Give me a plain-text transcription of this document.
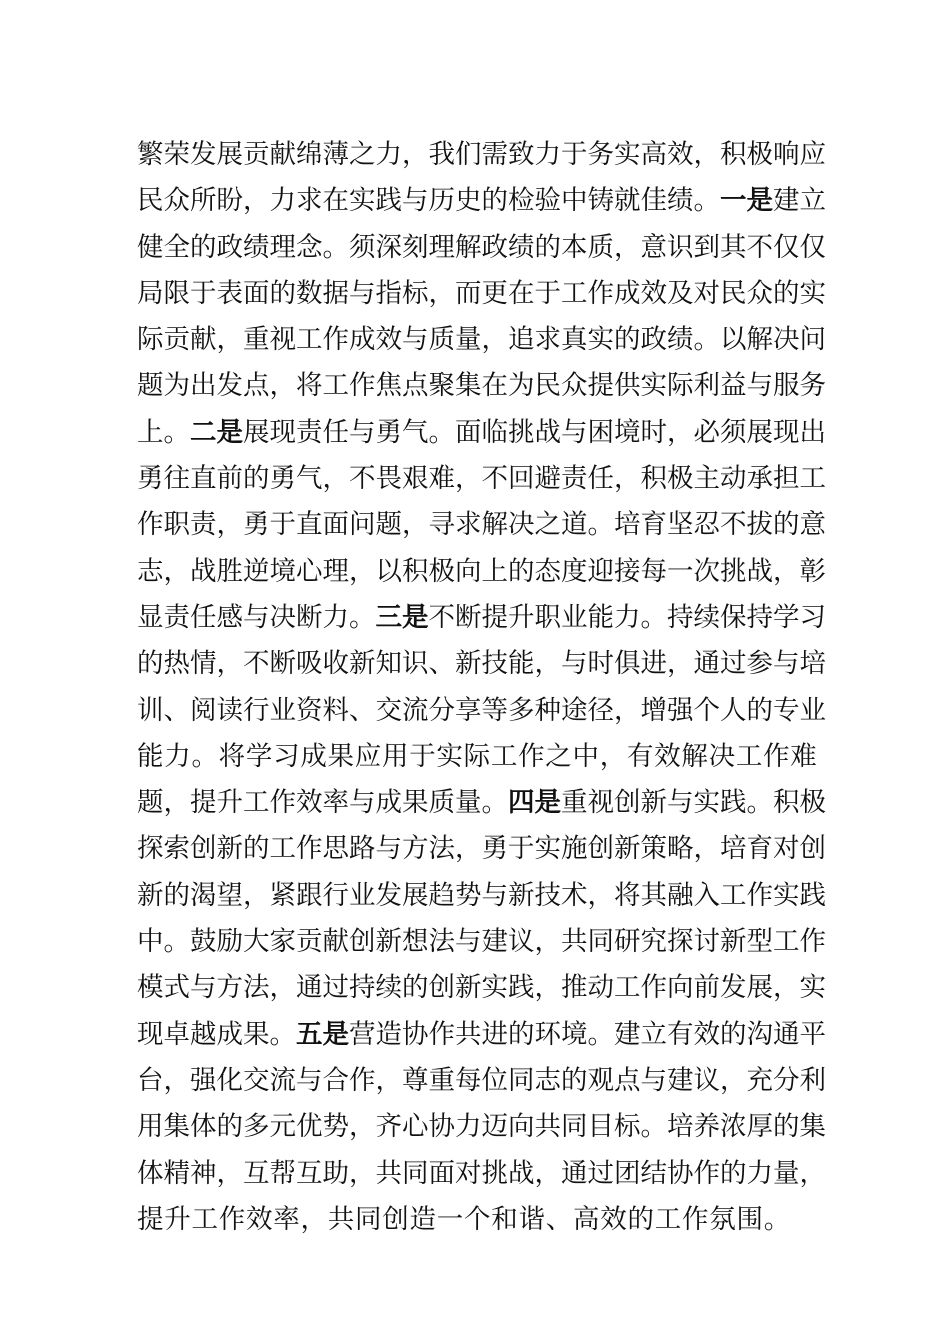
繁 荣 发 展 贡 献 绵 薄 之 力 ， 我 们 需 致 力 于 务 实 高 效 ， 积 极 响 应
民 众 所 盼 ， 力 求 在 实 践 与 历 史 的 检 验 中 铸 就 佳 绩 。 一 是 建 立
健 全 的 政 绩 理 念 。 须 深 刻 理 解 政 绩 的 本 质 ， 意 识 到 其 不 仅 仅
局 限 于 表 面 的 数 据 与 指 标 ， 而 更 在 于 工 作 成 效 及 对 民 众 的 实
际 贡 献 ， 重 视 工 作 成 效 与 质 量 ， 追 求 真 实 的 政 绩 。 以 解 决 问
题 为 出 发 点 ， 将 工 作 焦 点 聚 集 在 为 民 众 提 供 实 际 利 益 与 服 务
上 。 二 是 展 现 责 任 与 勇 气 。 面 临 挑 战 与 困 境 时 ， 必 须 展 现 出
勇 往 直 前 的 勇 气 ， 不 畏 艰 难 ， 不 回 避 责 任 ， 积 极 主 动 承 担 工
作 职 责 ， 勇 于 直 面 问 题 ， 寻 求 解 决 之 道 。 培 育 坚 忍 不 拔 的 意
志 ， 战 胜 逆 境 心 理 ， 以 积 极 向 上 的 态 度 迎 接 每 一 次 挑 战 ， 彰
显 责 任 感 与 决 断 力 。 三 是 不 断 提 升 职 业 能 力 。 持 续 保 持 学 习
的 热 情 ， 不 断 吸 收 新 知 识 、 新 技 能 ， 与 时 俱 进 ， 通 过 参 与 培
训 、 阅 读 行 业 资 料 、 交 流 分 享 等 多 种 途 径 ， 增 强 个 人 的 专 业
能 力 。 将 学 习 成 果 应 用 于 实 际 工 作 之 中 ， 有 效 解 决 工 作 难
题 ， 提 升 工 作 效 率 与 成 果 质 量 。 四 是 重 视 创 新 与 实 践 。 积 极
探 索 创 新 的 工 作 思 路 与 方 法 ， 勇 于 实 施 创 新 策 略 ， 培 育 对 创
新 的 渴 望 ， 紧 跟 行 业 发 展 趋 势 与 新 技 术 ， 将 其 融 入 工 作 实 践
中 。 鼓 励 大 家 贡 献 创 新 想 法 与 建 议 ， 共 同 研 究 探 讨 新 型 工 作
模 式 与 方 法 ， 通 过 持 续 的 创 新 实 践 ， 推 动 工 作 向 前 发 展 ， 实
现 卓 越 成 果 。 五 是 营 造 协 作 共 进 的 环 境 。 建 立 有 效 的 沟 通 平
台 ， 强 化 交 流 与 合 作 ， 尊 重 每 位 同 志 的 观 点 与 建 议 ， 充 分 利
用 集 体 的 多 元 优 势 ， 齐 心 协 力 迈 向 共 同 目 标 。 培 养 浓 厚 的 集
体 精 神 ， 互 帮 互 助 ， 共 同 面 对 挑 战 ， 通 过 团 结 协 作 的 力 量 ，
提升工作效率，共同创造一个和谐、高效的工作氛围。
